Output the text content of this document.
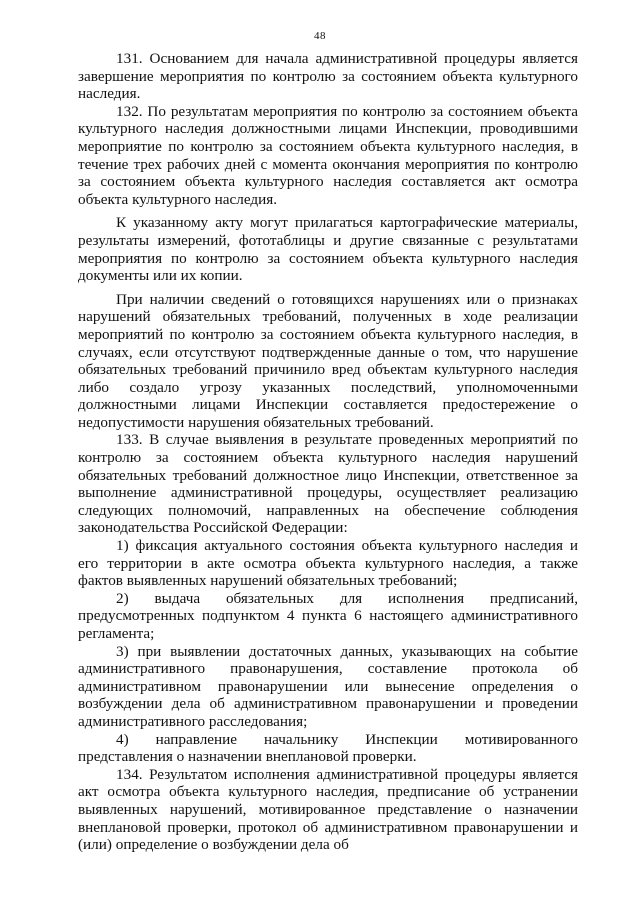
48

131. Основанием для начала административной процедуры является завершение мероприятия по контролю за состоянием объекта культурного наследия.

132. По результатам мероприятия по контролю за состоянием объекта культурного наследия должностными лицами Инспекции, проводившими мероприятие по контролю за состоянием объекта культурного наследия, в течение трех рабочих дней с момента окончания мероприятия по контролю за состоянием объекта культурного наследия составляется акт осмотра объекта культурного наследия.

К указанному акту могут прилагаться картографические материалы, результаты измерений, фототаблицы и другие связанные с результатами мероприятия по контролю за состоянием объекта культурного наследия документы или их копии.

При наличии сведений о готовящихся нарушениях или о признаках нарушений обязательных требований, полученных в ходе реализации мероприятий по контролю за состоянием объекта культурного наследия, в случаях, если отсутствуют подтвержденные данные о том, что нарушение обязательных требований причинило вред объектам культурного наследия либо создало угрозу указанных последствий, уполномоченными должностными лицами Инспекции составляется предостережение о недопустимости нарушения обязательных требований.

133. В случае выявления в результате проведенных мероприятий по контролю за состоянием объекта культурного наследия нарушений обязательных требований должностное лицо Инспекции, ответственное за выполнение административной процедуры, осуществляет реализацию следующих полномочий, направленных на обеспечение соблюдения законодательства Российской Федерации:

1) фиксация актуального состояния объекта культурного наследия и его территории в акте осмотра объекта культурного наследия, а также фактов выявленных нарушений обязательных требований;

2) выдача обязательных для исполнения предписаний, предусмотренных подпунктом 4 пункта 6 настоящего административного регламента;

3) при выявлении достаточных данных, указывающих на событие административного правонарушения, составление протокола об административном правонарушении или вынесение определения о возбуждении дела об административном правонарушении и проведении административного расследования;

4) направление начальнику Инспекции мотивированного представления о назначении внеплановой проверки.

134. Результатом исполнения административной процедуры является акт осмотра объекта культурного наследия, предписание об устранении выявленных нарушений, мотивированное представление о назначении внеплановой проверки, протокол об административном правонарушении и (или) определение о возбуждении дела об
